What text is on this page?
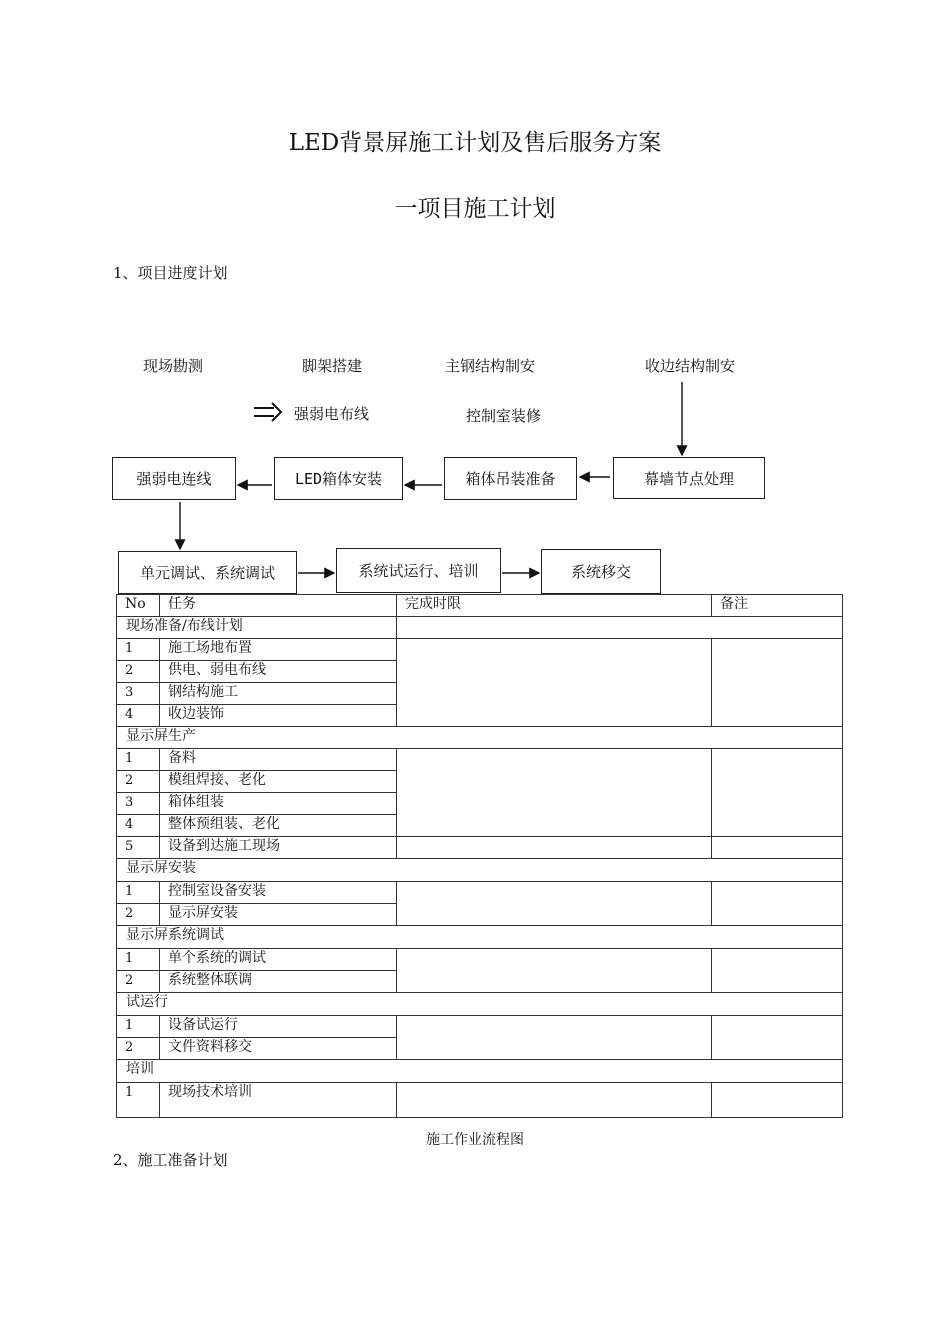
LED背景屏施工计划及售后服务方案
一项目施工计划
1、项目进度计划
现场勘测	脚架搭建	主钢结构制安	收边结构制安
强弱电布线	控制室装修
强弱电连线	LED箱体安装	箱体吊装准备	幕墙节点处理
单元调试、系统调试	系统试运行、培训	系统移交
No	任务	完成时限	备注
现场准备/布线计划			
1	施工场地布置		
2	供电、弱电布线		
3	钢结构施工		
4	收边装饰		
显示屏生产			
1	备料		
2	模组焊接、老化		
3	箱体组装		
4	整体预组装、老化		
5	设备到达施工现场		
显示屏安装			
1	控制室设备安装		
2	显示屏安装		
显示屏系统调试			
1	单个系统的调试		
2	系统整体联调		
试运行			
1	设备试运行		
2	文件资料移交		
培训			
1	现场技术培训		
施工作业流程图
2、施工准备计划
